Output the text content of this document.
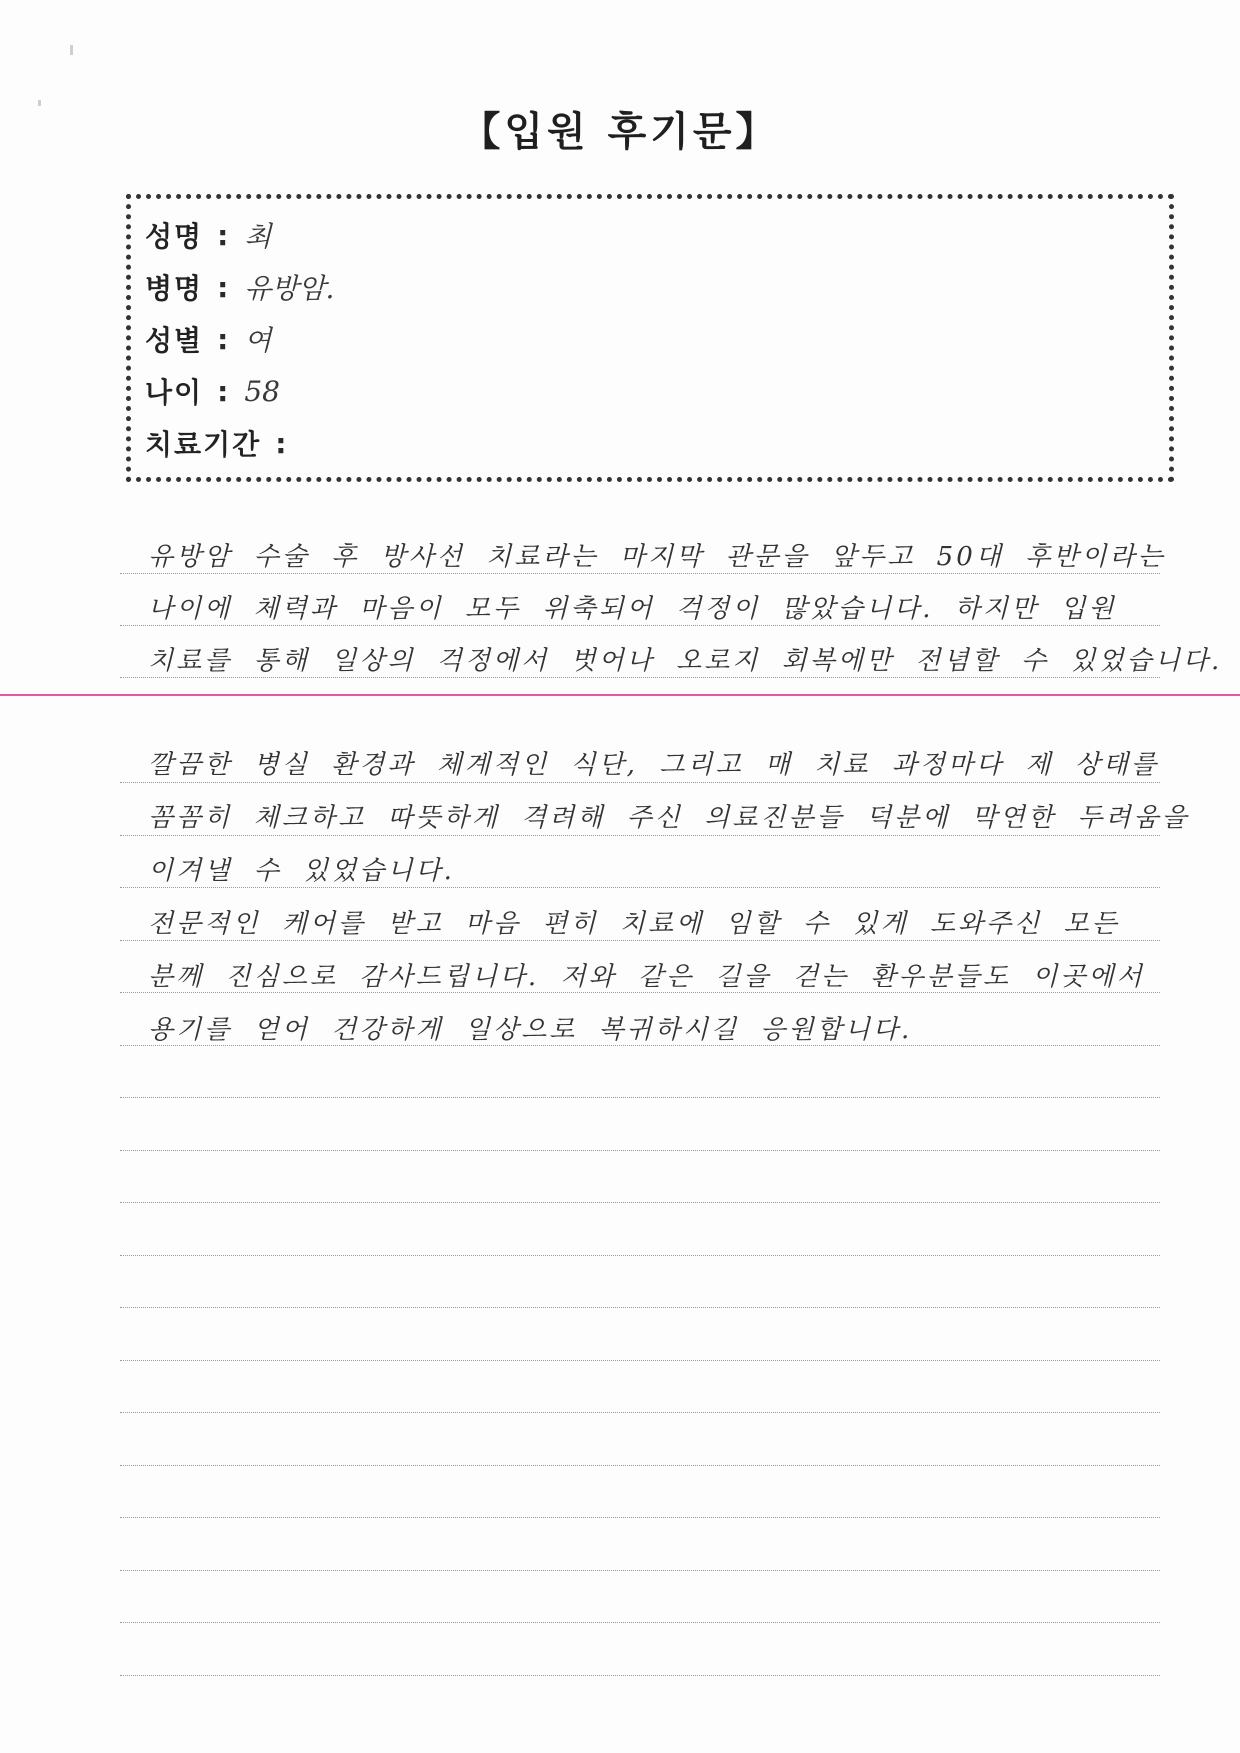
【입원 후기문】
성명 : 최
병명 : 유방암.
성별 : 여
나이 : 58
치료기간 :
유방암 수술 후 방사선 치료라는 마지막 관문을 앞두고 50대 후반이라는
나이에 체력과 마음이 모두 위축되어 걱정이 많았습니다. 하지만 입원
치료를 통해 일상의 걱정에서 벗어나 오로지 회복에만 전념할 수 있었습니다.
깔끔한 병실 환경과 체계적인 식단, 그리고 매 치료 과정마다 제 상태를
꼼꼼히 체크하고 따뜻하게 격려해 주신 의료진분들 덕분에 막연한 두려움을
이겨낼 수 있었습니다.
전문적인 케어를 받고 마음 편히 치료에 임할 수 있게 도와주신 모든
분께 진심으로 감사드립니다. 저와 같은 길을 걷는 환우분들도 이곳에서
용기를 얻어 건강하게 일상으로 복귀하시길 응원합니다.
